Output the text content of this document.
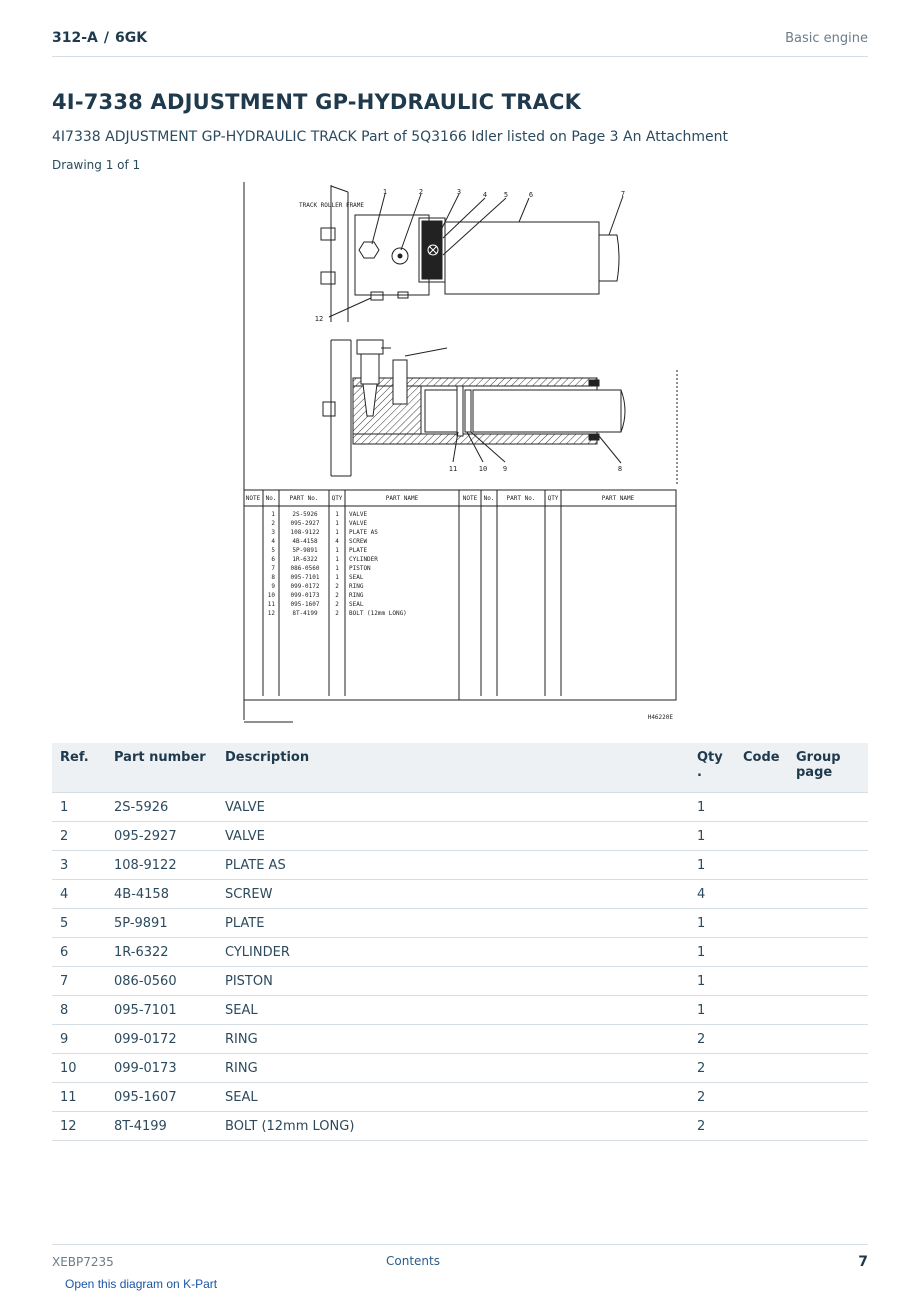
312-A / 6GK	Basic engine
4I-7338 ADJUSTMENT GP-HYDRAULIC TRACK
4I7338 ADJUSTMENT GP-HYDRAULIC TRACK Part of 5Q3166 Idler listed on Page 3 An Attachment
Drawing 1 of 1
TRACK ROLLER FRAME
1	2	3	4 5	6	7
8
9
10
11
12
NOTE No. PART No. QTY	PART NAME	NOTE No. PART No. QTY	PART NAME
1	2S-5926	1 VALVE
2	095-2927	1 VALVE
3	108-9122	1 PLATE AS
4	4B-4158	4 SCREW
5	5P-9891	1 PLATE
6	1R-6322	1 CYLINDER
7	086-0560	1 PISTON
8	095-7101	1 SEAL
9	099-0172	2 RING
10	099-0173	2 RING
11	095-1607	2 SEAL
12	8T-4199	2 BOLT (12mm LONG)
H46220E
Ref.	Part number	Description	Qty .	Code	Group page
1	2S-5926	VALVE	1		
2	095-2927	VALVE	1		
3	108-9122	PLATE AS	1		
4	4B-4158	SCREW	4		
5	5P-9891	PLATE	1		
6	1R-6322	CYLINDER	1		
7	086-0560	PISTON	1		
8	095-7101	SEAL	1		
9	099-0172	RING	2		
10	099-0173	RING	2		
11	095-1607	SEAL	2		
12	8T-4199	BOLT (12mm LONG)	2		
XEBP7235	Contents	7
Open this diagram on K-Part
